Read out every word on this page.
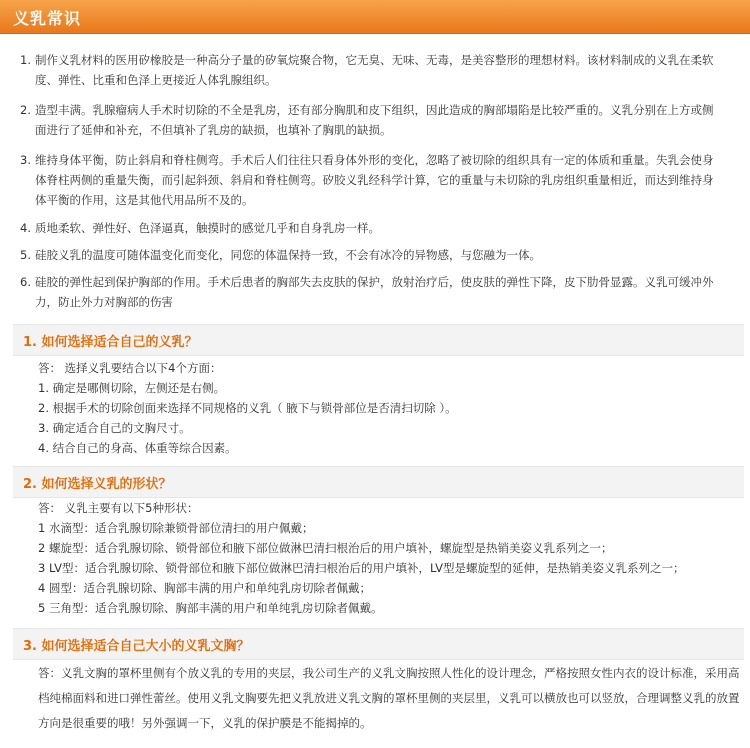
义乳常识
1. 制作义乳材料的医用矽橡胶是一种高分子量的矽氧烷聚合物，它无臭、无味、无毒，是美容整形的理想材料。该材料制成的义乳在柔软度、弹性、比重和色泽上更接近人体乳腺组织。
2. 造型丰满。乳腺瘤病人手术时切除的不全是乳房，还有部分胸肌和皮下组织，因此造成的胸部塌陷是比较严重的。义乳分别在上方或侧面进行了延伸和补充，不但填补了乳房的缺损，也填补了胸肌的缺损。
3. 维持身体平衡，防止斜肩和脊柱侧弯。手术后人们往往只看身体外形的变化，忽略了被切除的组织具有一定的体质和重量。失乳会使身体脊柱两侧的重量失衡，而引起斜颈、斜肩和脊柱侧弯。矽胶义乳经科学计算，它的重量与未切除的乳房组织重量相近，而达到维持身体平衡的作用，这是其他代用品所不及的。
4. 质地柔软、弹性好、色泽逼真，触摸时的感觉几乎和自身乳房一样。
5. 硅胶义乳的温度可随体温变化而变化，同您的体温保持一致，不会有冰冷的异物感，与您融为一体。
6. 硅胶的弹性起到保护胸部的作用。手术后患者的胸部失去皮肤的保护，放射治疗后，使皮肤的弹性下降，皮下肋骨显露。义乳可缓冲外力，防止外力对胸部的伤害
1. 如何选择适合自己的义乳？
答： 选择义乳要结合以下4个方面：
1. 确定是哪侧切除，左侧还是右侧。
2. 根据手术的切除创面来选择不同规格的义乳（ 腋下与锁骨部位是否清扫切除 ）。
3. 确定适合自己的文胸尺寸。
4. 结合自己的身高、体重等综合因素。
2. 如何选择义乳的形状？
答： 义乳主要有以下5种形状：
1 水滴型：适合乳腺切除兼锁骨部位清扫的用户佩戴；
2 螺旋型：适合乳腺切除、锁骨部位和腋下部位做淋巴清扫根治后的用户填补，螺旋型是热销美姿义乳系列之一；
3 LV型：适合乳腺切除、锁骨部位和腋下部位做淋巴清扫根治后的用户填补，LV型是螺旋型的延伸，是热销美姿义乳系列之一；
4 圆型：适合乳腺切除、胸部丰满的用户和单纯乳房切除者佩戴；
5 三角型：适合乳腺切除、胸部丰满的用户和单纯乳房切除者佩戴。
3. 如何选择适合自己大小的义乳文胸？
答：义乳文胸的罩杯里侧有个放义乳的专用的夹层，我公司生产的义乳文胸按照人性化的设计理念，严格按照女性内衣的设计标准，采用高档纯棉面料和进口弹性蕾丝。使用义乳文胸要先把义乳放进义乳文胸的罩杯里侧的夹层里，义乳可以横放也可以竖放，合理调整义乳的放置方向是很重要的哦！另外强调一下，义乳的保护膜是不能揭掉的。
